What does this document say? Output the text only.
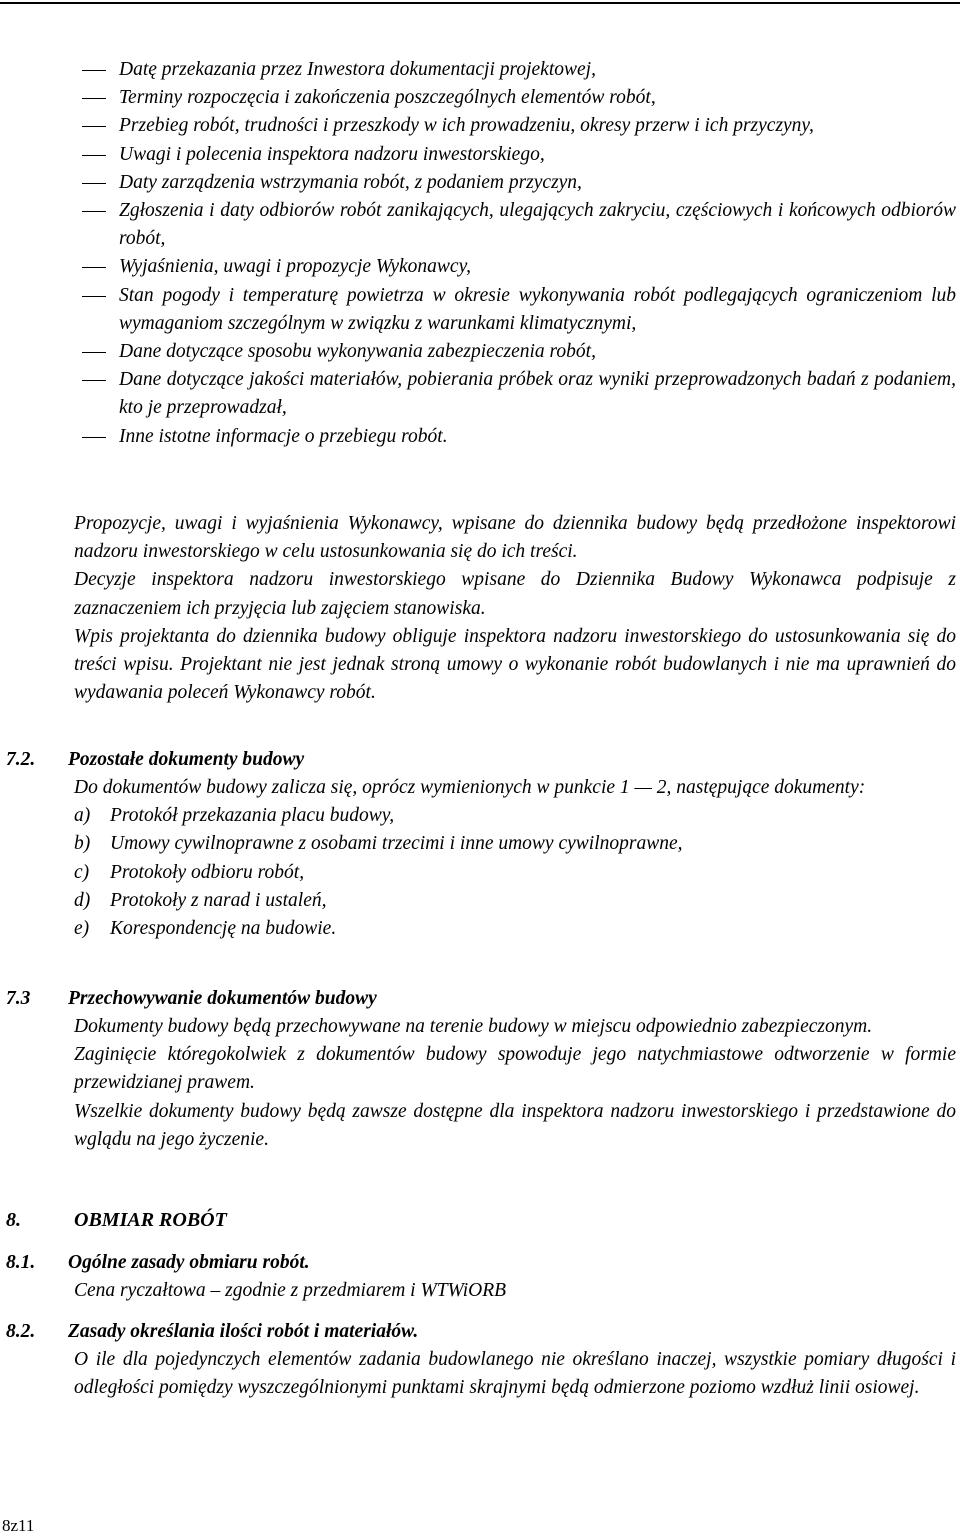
Datę przekazania przez Inwestora dokumentacji projektowej,
Terminy rozpoczęcia i zakończenia poszczególnych elementów robót,
Przebieg robót, trudności i przeszkody w ich prowadzeniu, okresy przerw i ich przyczyny,
Uwagi i polecenia inspektora nadzoru inwestorskiego,
Daty zarządzenia wstrzymania robót, z podaniem przyczyn,
Zgłoszenia i daty odbiorów robót zanikających, ulegających zakryciu, częściowych i końcowych odbiorów robót,
Wyjaśnienia, uwagi i propozycje Wykonawcy,
Stan pogody i temperaturę powietrza w okresie wykonywania robót podlegających ograniczeniom lub wymaganiom szczególnym w związku z warunkami klimatycznymi,
Dane dotyczące sposobu wykonywania zabezpieczenia robót,
Dane dotyczące jakości materiałów, pobierania próbek oraz wyniki przeprowadzonych badań z podaniem, kto je przeprowadzał,
Inne istotne informacje o przebiegu robót.

Propozycje, uwagi i wyjaśnienia Wykonawcy, wpisane do dziennika budowy będą przedłożone inspektorowi nadzoru inwestorskiego w celu ustosunkowania się do ich treści.

Decyzje inspektora nadzoru inwestorskiego wpisane do Dziennika Budowy Wykonawca podpisuje z zaznaczeniem ich przyjęcia lub zajęciem stanowiska.

Wpis projektanta do dziennika budowy obliguje inspektora nadzoru inwestorskiego do ustosunkowania się do treści wpisu. Projektant nie jest jednak stroną umowy o wykonanie robót budowlanych i nie ma uprawnień do wydawania poleceń Wykonawcy robót.

7.2. Pozostałe dokumenty budowy

Do dokumentów budowy zalicza się, oprócz wymienionych w punkcie 1 — 2, następujące dokumenty:

a) Protokół przekazania placu budowy,
b) Umowy cywilnoprawne z osobami trzecimi i inne umowy cywilnoprawne,
c) Protokoły odbioru robót,
d) Protokoły z narad i ustaleń,
e) Korespondencję na budowie.
7.3 Przechowywanie dokumentów budowy

Dokumenty budowy będą przechowywane na terenie budowy w miejscu odpowiednio zabezpieczonym.

Zaginięcie któregokolwiek z dokumentów budowy spowoduje jego natychmiastowe odtworzenie w formie przewidzianej prawem.

Wszelkie dokumenty budowy będą zawsze dostępne dla inspektora nadzoru inwestorskiego i przedstawione do wglądu na jego życzenie.

8.	OBMIAR ROBÓT
8.1. Ogólne zasady obmiaru robót.

Cena ryczałtowa – zgodnie z przedmiarem i WTWiORB

8.2. Zasady określania ilości robót i materiałów.

O ile dla pojedynczych elementów zadania budowlanego nie określano inaczej, wszystkie pomiary długości i odległości pomiędzy wyszczególnionymi punktami skrajnymi będą odmierzone poziomo wzdłuż linii osiowej.

8z11
